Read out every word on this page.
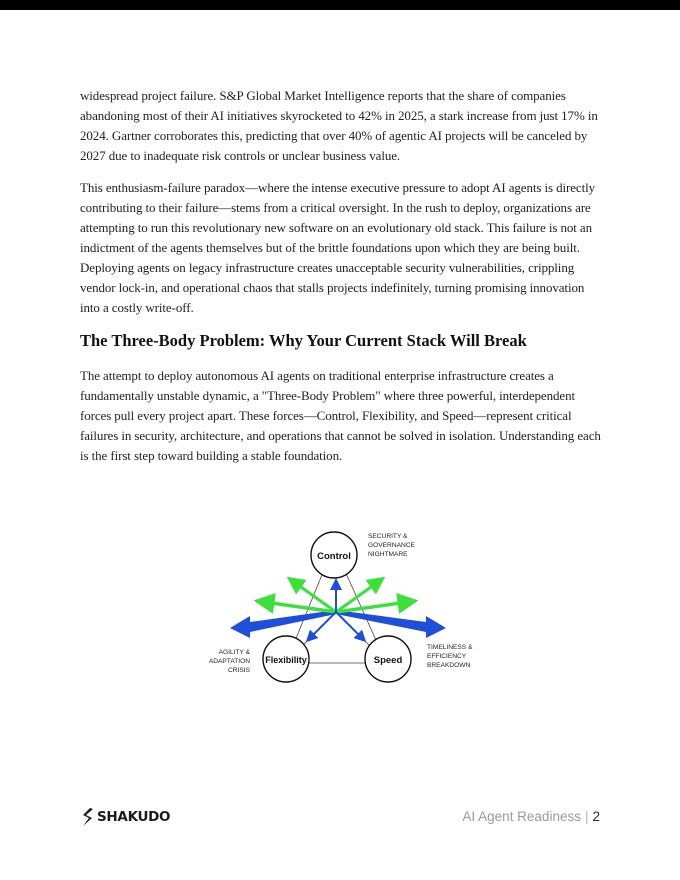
widespread project failure. S&P Global Market Intelligence reports that the share of companies abandoning most of their AI initiatives skyrocketed to 42% in 2025, a stark increase from just 17% in 2024. Gartner corroborates this, predicting that over 40% of agentic AI projects will be canceled by 2027 due to inadequate risk controls or unclear business value.

This enthusiasm-failure paradox—where the intense executive pressure to adopt AI agents is directly contributing to their failure—stems from a critical oversight. In the rush to deploy, organizations are attempting to run this revolutionary new software on an evolutionary old stack. This failure is not an indictment of the agents themselves but of the brittle foundations upon which they are being built. Deploying agents on legacy infrastructure creates unacceptable security vulnerabilities, crippling vendor lock-in, and operational chaos that stalls projects indefinitely, turning promising innovation into a costly write-off.

The Three-Body Problem: Why Your Current Stack Will Break

The attempt to deploy autonomous AI agents on traditional enterprise infrastructure creates a fundamentally unstable dynamic, a "Three-Body Problem" where three powerful, interdependent forces pull every project apart. These forces—Control, Flexibility, and Speed—represent critical failures in security, architecture, and operations that cannot be solved in isolation. Understanding each is the first step toward building a stable foundation.

Control
Flexibility	Speed
SECURITY &
GOVERNANCE
NIGHTMARE
AGILITY &
ADAPTATION
CRISIS
TIMELINESS &
EFFICIENCY
BREAKDOWN
SHAKUDO	AI Agent Readiness | 2
